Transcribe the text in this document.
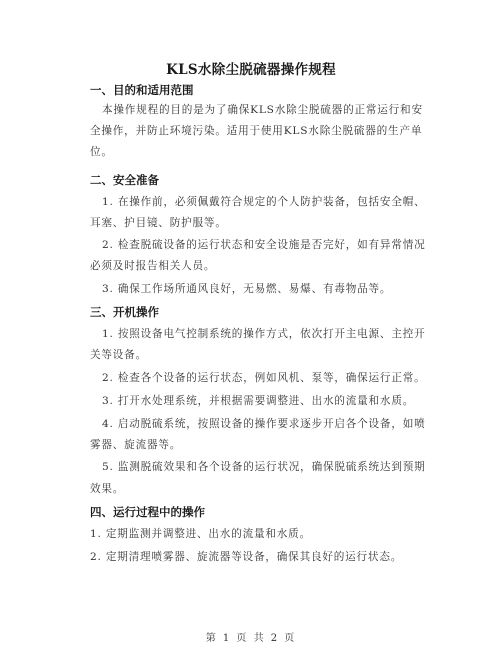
KLS水除尘脱硫器操作规程
一、目的和适用范围
本操作规程的目的是为了确保KLS水除尘脱硫器的正常运行和安
全操作，并防止环境污染。适用于使用KLS水除尘脱硫器的生产单
位。
二、安全准备
1. 在操作前，必须佩戴符合规定的个人防护装备，包括安全帽、
耳塞、护目镜、防护服等。
2. 检查脱硫设备的运行状态和安全设施是否完好，如有异常情况
必须及时报告相关人员。
3. 确保工作场所通风良好，无易燃、易爆、有毒物品等。
三、开机操作
1. 按照设备电气控制系统的操作方式，依次打开主电源、主控开
关等设备。
2. 检查各个设备的运行状态，例如风机、泵等，确保运行正常。
3. 打开水处理系统，并根据需要调整进、出水的流量和水质。
4. 启动脱硫系统，按照设备的操作要求逐步开启各个设备，如喷
雾器、旋流器等。
5. 监测脱硫效果和各个设备的运行状况，确保脱硫系统达到预期
效果。
四、运行过程中的操作
1. 定期监测并调整进、出水的流量和水质。
2. 定期清理喷雾器、旋流器等设备，确保其良好的运行状态。
第 1 页 共 2 页
